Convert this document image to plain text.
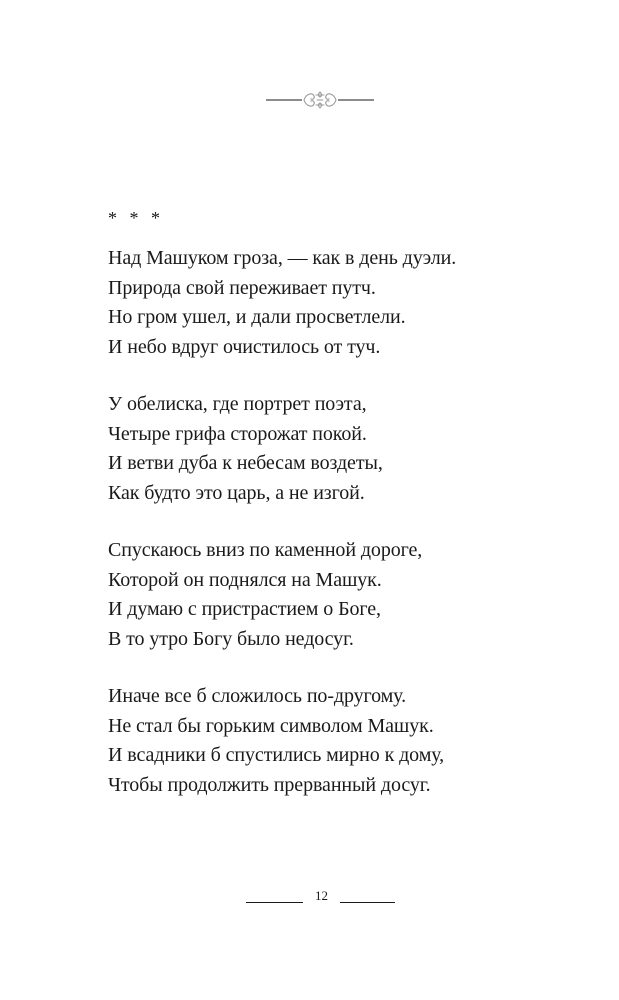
* * *
Над Машуком гроза, — как в день дуэли.
Природа свой переживает путч.
Но гром ушел, и дали просветлели.
И небо вдруг очистилось от туч.
У обелиска, где портрет поэта,
Четыре грифа сторожат покой.
И ветви дуба к небесам воздеты,
Как будто это царь, а не изгой.
Спускаюсь вниз по каменной дороге,
Которой он поднялся на Машук.
И думаю с пристрастием о Боге,
В то утро Богу было недосуг.
Иначе все б сложилось по-другому.
Не стал бы горьким символом Машук.
И всадники б спустились мирно к дому,
Чтобы продолжить прерванный досуг.
12
